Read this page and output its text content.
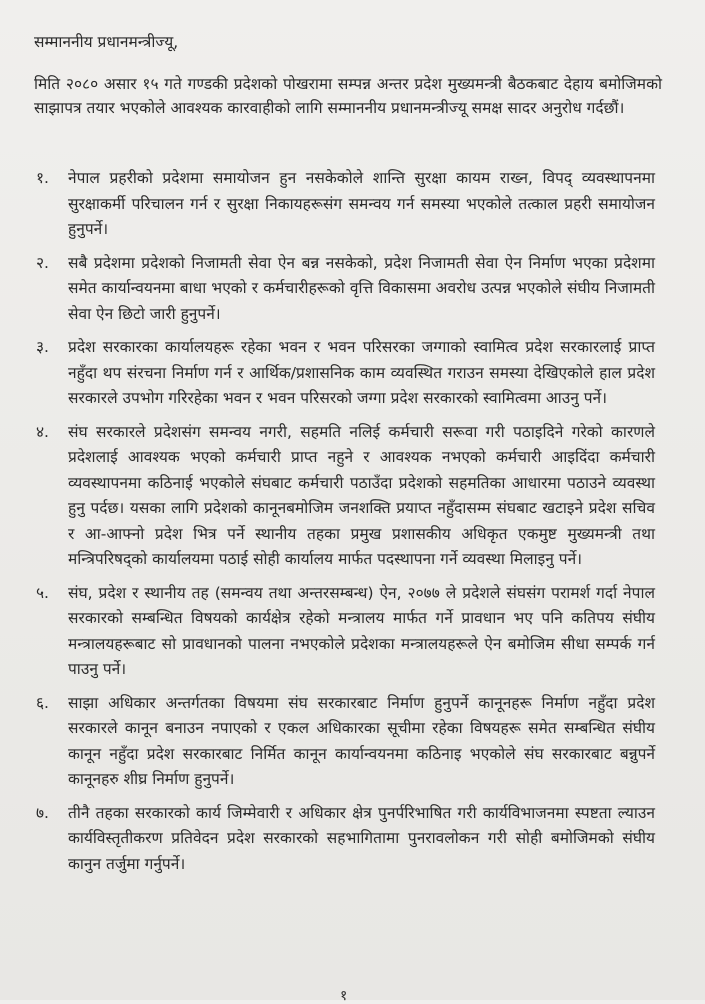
सम्माननीय प्रधानमन्त्रीज्यू,
मिति २०८० असार १५ गते गण्डकी प्रदेशको पोखरामा सम्पन्न अन्तर प्रदेश मुख्यमन्त्री बैठकबाट देहाय बमोजिमको साझापत्र तयार भएकोले आवश्यक कारवाहीको लागि सम्माननीय प्रधानमन्त्रीज्यू समक्ष सादर अनुरोध गर्दछौं।
१.	नेपाल प्रहरीको प्रदेशमा समायोजन हुन नसकेकोले शान्ति सुरक्षा कायम राख्न, विपद् व्यवस्थापनमा सुरक्षाकर्मी परिचालन गर्न र सुरक्षा निकायहरूसंग समन्वय गर्न समस्या भएकोले तत्काल प्रहरी समायोजन हुनुपर्ने।
२.	सबै प्रदेशमा प्रदेशको निजामती सेवा ऐन बन्न नसकेको, प्रदेश निजामती सेवा ऐन निर्माण भएका प्रदेशमा समेत कार्यान्वयनमा बाधा भएको र कर्मचारीहरूको वृत्ति विकासमा अवरोध उत्पन्न भएकोले संघीय निजामती सेवा ऐन छिटो जारी हुनुपर्ने।
३.	प्रदेश सरकारका कार्यालयहरू रहेका भवन र भवन परिसरका जग्गाको स्वामित्व प्रदेश सरकारलाई प्राप्त नहुँदा थप संरचना निर्माण गर्न र आर्थिक/प्रशासनिक काम व्यवस्थित गराउन समस्या देखिएकोले हाल प्रदेश सरकारले उपभोग गरिरहेका भवन र भवन परिसरको जग्गा प्रदेश सरकारको स्वामित्वमा आउनु पर्ने।
४.	संघ सरकारले प्रदेशसंग समन्वय नगरी, सहमति नलिई कर्मचारी सरूवा गरी पठाइदिने गरेको कारणले प्रदेशलाई आवश्यक भएको कर्मचारी प्राप्त नहुने र आवश्यक नभएको कर्मचारी आइदिंदा कर्मचारी व्यवस्थापनमा कठिनाई भएकोले संघबाट कर्मचारी पठाउँदा प्रदेशको सहमतिका आधारमा पठाउने व्यवस्था हुनु पर्दछ। यसका लागि प्रदेशको कानूनबमोजिम जनशक्ति प्रयाप्त नहुँदासम्म संघबाट खटाइने प्रदेश सचिव र आ-आफ्नो प्रदेश भित्र पर्ने स्थानीय तहका प्रमुख प्रशासकीय अधिकृत एकमुष्ट मुख्यमन्त्री तथा मन्त्रिपरिषद्को कार्यालयमा पठाई सोही कार्यालय मार्फत पदस्थापना गर्ने व्यवस्था मिलाइनु पर्ने।
५.	संघ, प्रदेश र स्थानीय तह (समन्वय तथा अन्तरसम्बन्ध) ऐन, २०७७ ले प्रदेशले संघसंग परामर्श गर्दा नेपाल सरकारको सम्बन्धित विषयको कार्यक्षेत्र रहेको मन्त्रालय मार्फत गर्ने प्रावधान भए पनि कतिपय संघीय मन्त्रालयहरूबाट सो प्रावधानको पालना नभएकोले प्रदेशका मन्त्रालयहरूले ऐन बमोजिम सीधा सम्पर्क गर्न पाउनु पर्ने।
६.	साझा अधिकार अन्तर्गतका विषयमा संघ सरकारबाट निर्माण हुनुपर्ने कानूनहरू निर्माण नहुँदा प्रदेश सरकारले कानून बनाउन नपाएको र एकल अधिकारका सूचीमा रहेका विषयहरू समेत सम्बन्धित संघीय कानून नहुँदा प्रदेश सरकारबाट निर्मित कानून कार्यान्वयनमा कठिनाइ भएकोले संघ सरकारबाट बन्नुपर्ने कानूनहरु शीघ्र निर्माण हुनुपर्ने।
७.	तीनै तहका सरकारको कार्य जिम्मेवारी र अधिकार क्षेत्र पुनर्परिभाषित गरी कार्यविभाजनमा स्पष्टता ल्याउन कार्यविस्तृतीकरण प्रतिवेदन प्रदेश सरकारको सहभागितामा पुनरावलोकन गरी सोही बमोजिमको संघीय कानुन तर्जुमा गर्नुपर्ने।
१
